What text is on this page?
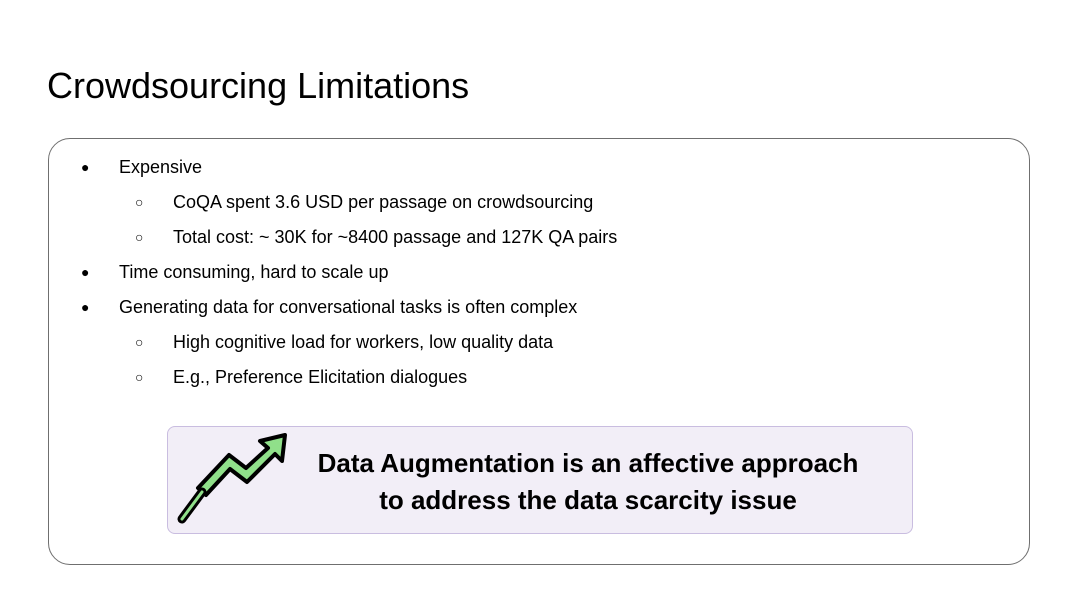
Crowdsourcing Limitations
● Expensive
○ CoQA spent 3.6 USD per passage on crowdsourcing
○ Total cost: ~ 30K for ~8400 passage and 127K QA pairs
● Time consuming, hard to scale up
● Generating data for conversational tasks is often complex
○ High cognitive load for workers, low quality data
○ E.g., Preference Elicitation dialogues
Data Augmentation is an affective approach
to address the data scarcity issue
